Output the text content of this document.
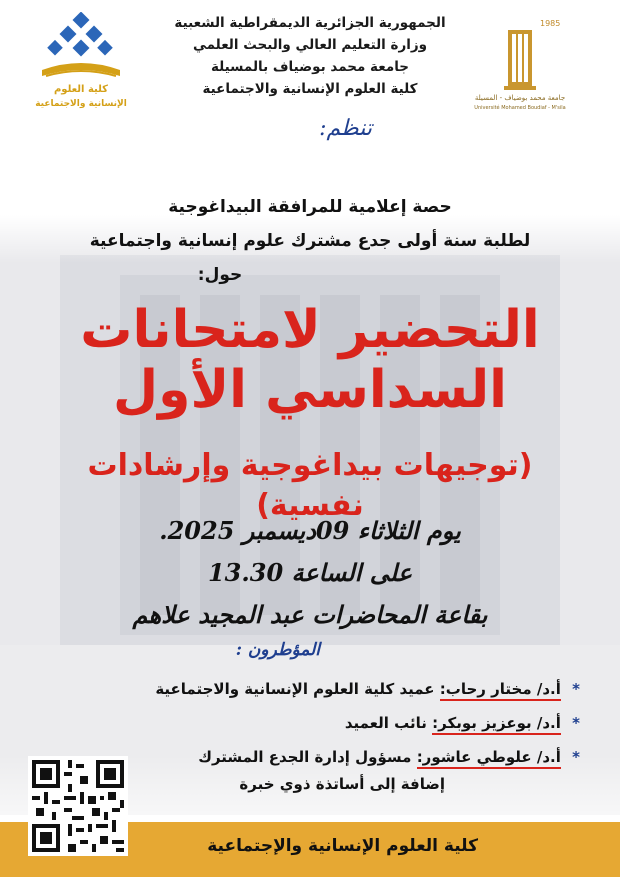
كلية العلوم
الإنسانية والاجتماعية
1985
جامعة محمد بوضياف - المسيلة
Université Mohamed Boudiaf - M'sila
الجمهورية الجزائرية الديمقراطية الشعبية
وزارة التعليم العالي والبحث العلمي
جامعة محمد بوضياف بالمسيلة
كلية العلوم الإنسانية والاجتماعية
تنظم:
حصة إعلامية للمرافقة البيداغوجية
لطلبة سنة أولى جدع مشترك علوم إنسانية واجتماعية
حول:
التحضير لامتحانات
السداسي الأول
(توجيهات بيداغوجية وإرشادات نفسية)
يوم الثلاثاء 09ديسمبر 2025.
على الساعة 13.30
بقاعة المحاضرات عبد المجيد علاهم
المؤطرون :
* أ.د/ مختار رحاب: عميد كلية العلوم الإنسانية والاجتماعية
* أ.د/ بوعزيز بوبكر: نائب العميد
* أ.د/ علوطي عاشور: مسؤول إدارة الجدع المشترك
إضافة إلى أساتذة ذوي خبرة
كلية العلوم الإنسانية والإجتماعية
